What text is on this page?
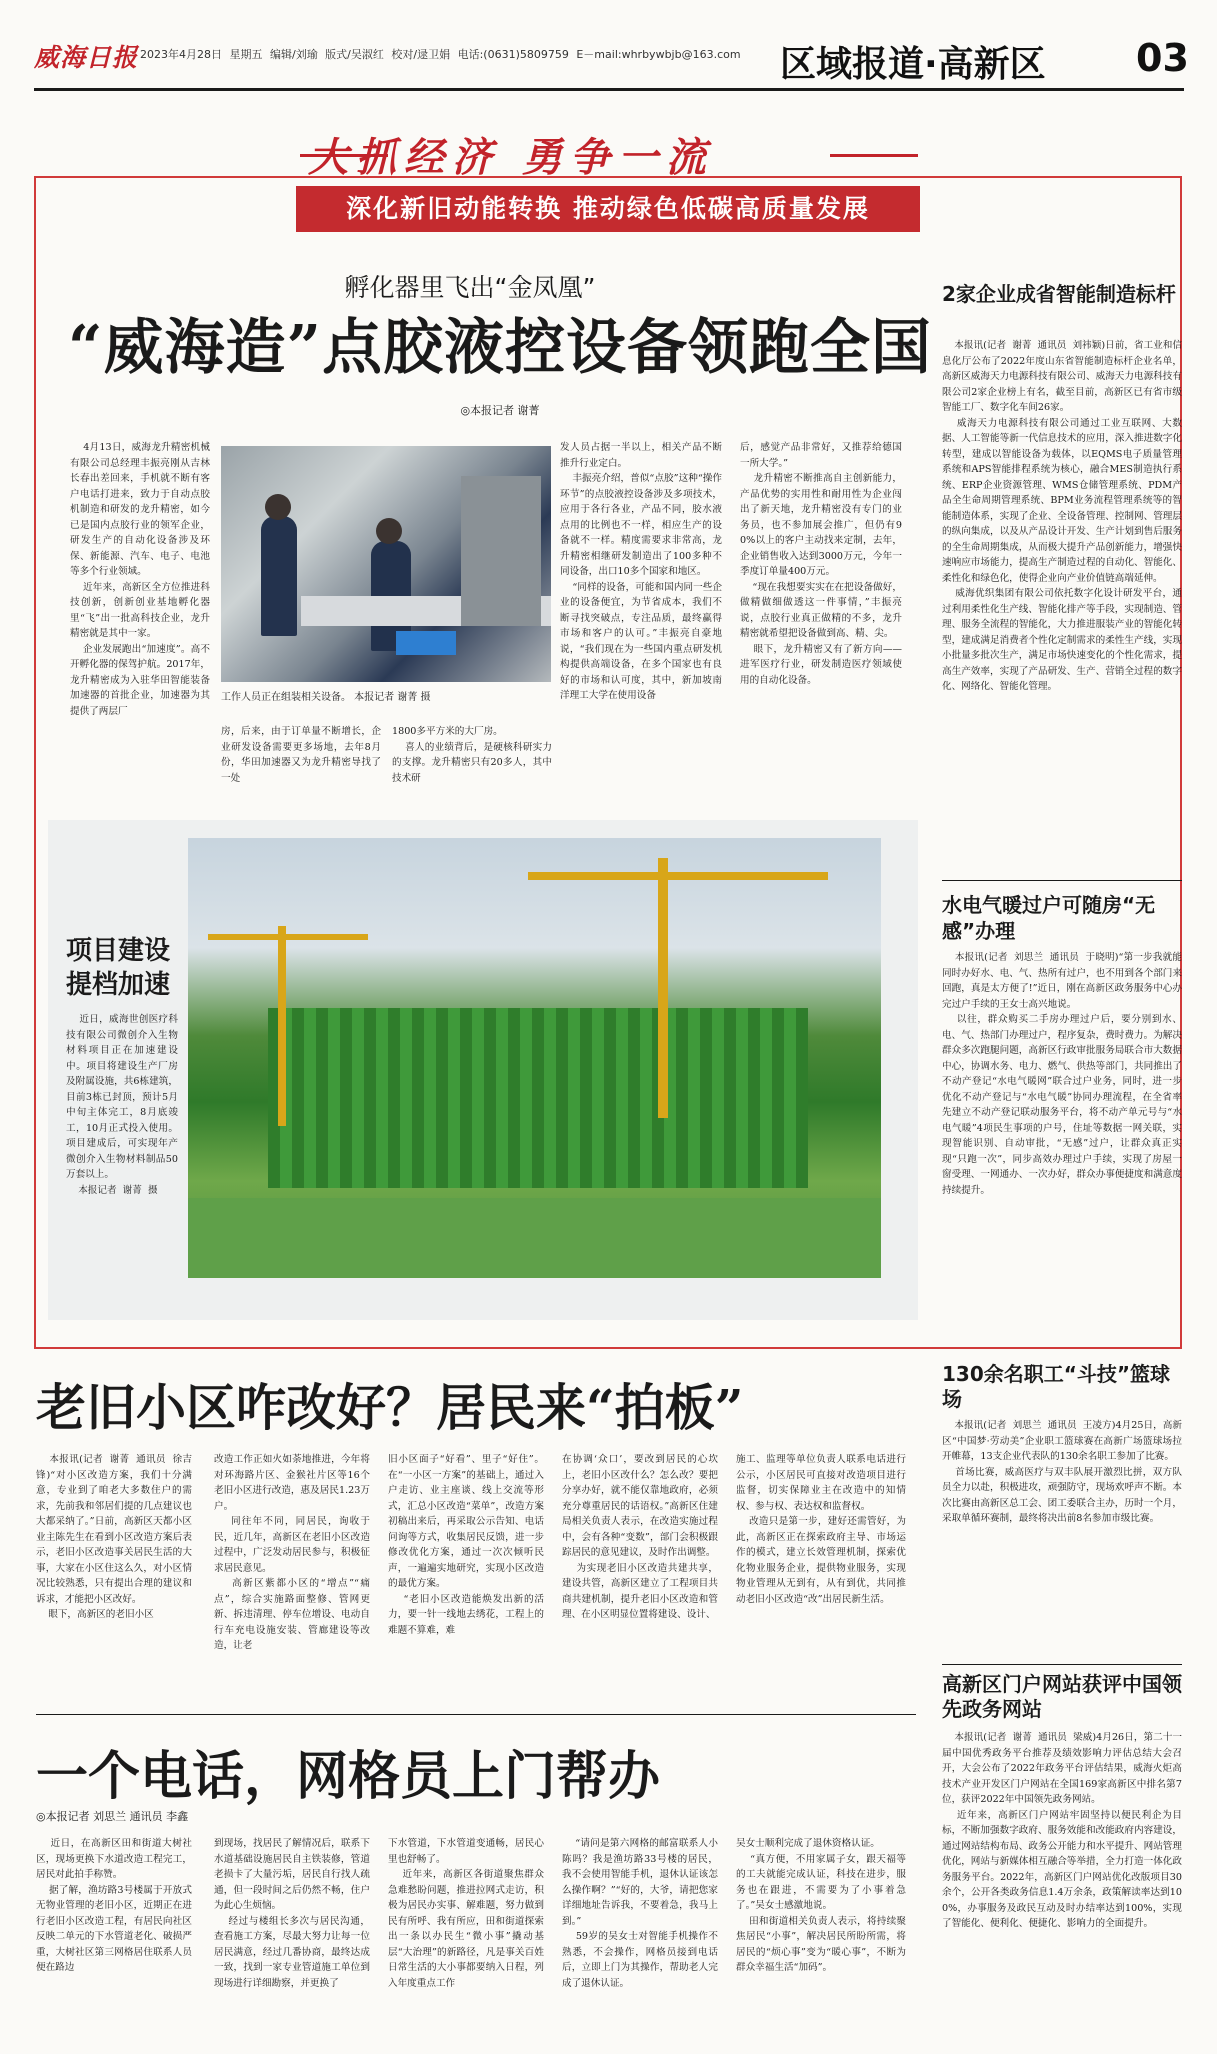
威海日报 2023年4月28日 星期五 编辑/刘瑜 版式/吴淑红 校对/逯卫娟 电话:(0631)5809759 E－mail:whrbywbjb@163.com 区域报道·高新区 03
大抓经济 勇争一流
深化新旧动能转换 推动绿色低碳高质量发展
孵化器里飞出“金凤凰”
“威海造”点胶液控设备领跑全国
◎本报记者 谢菁
4月13日，威海龙升精密机械有限公司总经理丰振亮刚从吉林长春出差回来，手机就不断有客户电话打进来，致力于自动点胶机制造和研发的龙升精密，如今已是国内点胶行业的领军企业，研发生产的自动化设备涉及环保、新能源、汽车、电子、电池等多个行业领域。
近年来，高新区全方位推进科技创新，创新创业基地孵化器里“飞”出一批高科技企业，龙升精密就是其中一家。
企业发展跑出“加速度”。高不开孵化器的保驾护航。2017年，龙升精密成为入驻华田智能装备加速器的首批企业，加速器为其提供了两层厂
工作人员正在组装相关设备。 本报记者 谢菁 摄
房，后来，由于订单量不断增长，企业研发设备需要更多场地，去年8月份，华田加速器又为龙升精密导找了一处
1800多平方米的大厂房。
喜人的业绩背后，是硬核科研实力的支撑。龙升精密只有20多人，其中技术研
发人员占据一半以上，相关产品不断推升行业定白。
丰振亮介绍，普似“点胶”这种“操作环节”的点胶液控设备涉及多项技术，应用于各行各业，产品不同，胶水液点用的比例也不一样，相应生产的设备就不一样。精度需要求非常高，龙升精密相继研发制造出了100多种不同设备，出口10多个国家和地区。
“同样的设备，可能和国内同一些企业的设备便宜，为节省成本，我们不断寻找突破点，专注品质，最终赢得市场和客户的认可。”丰振亮自豪地说，“我们现在为一些国内重点研发机构提供高端设备，在多个国家也有良好的市场和认可度，其中，新加坡南洋理工大学在使用设备
后，感觉产品非常好，又推荐给德国一所大学。”
龙升精密不断推高自主创新能力，产品优势的实用性和耐用性为企业闯出了新天地，龙升精密没有专门的业务员，也不参加展会推广，但仍有90%以上的客户主动找来定制，去年，企业销售收入达到3000万元，今年一季度订单量400万元。
“现在我想要实实在在把设备做好，做精做细做透这一件事情，”丰振亮说，点胶行业真正做精的不多，龙升精密就希望把设备做到高、精、尖。
眼下，龙升精密又有了新方向——进军医疗行业，研发制造医疗领域使用的自动化设备。
项目建设
提档加速
近日，威海世创医疗科技有限公司微创介入生物材料项目正在加速建设中。项目将建设生产厂房及附属设施，共6栋建筑，目前3栋已封顶，预计5月中旬主体完工，8月底竣工，10月正式投入使用。项目建成后，可实现年产微创介入生物材料制品50万套以上。
本报记者  谢菁  摄
2家企业成省智能制造标杆
本报讯(记者  谢菁  通讯员  刘祎颖)日前，省工业和信息化厅公布了2022年度山东省智能制造标杆企业名单，高新区威海天力电源科技有限公司、威海天力电源科技有限公司2家企业榜上有名，截至目前，高新区已有省市级智能工厂、数字化车间26家。
威海天力电源科技有限公司通过工业互联网、大数据、人工智能等新一代信息技术的应用，深入推进数字化转型，建成以智能设备为载体，以EQMS电子质量管理系统和APS智能排程系统为核心，融合MES制造执行系统、ERP企业资源管理、WMS仓储管理系统、PDM产品全生命周期管理系统、BPM业务流程管理系统等的智能制造体系，实现了企业、全设备管理、控制网、管理层的纵向集成，以及从产品设计开发、生产计划到售后服务的全生命周期集成，从而极大提升产品创新能力，增强快速响应市场能力，提高生产制造过程的自动化、智能化、柔性化和绿色化，使得企业向产业价值链高端延伸。
威海优织集团有限公司依托数字化设计研发平台，通过利用柔性化生产线、智能化排产等手段，实现制造、管理、服务全流程的智能化，大力推进服装产业的智能化转型，建成满足消费者个性化定制需求的柔性生产线，实现小批量多批次生产，满足市场快速变化的个性化需求，提高生产效率，实现了产品研发、生产、营销全过程的数字化、网络化、智能化管理。
水电气暖过户可随房“无感”办理
本报讯(记者  刘思兰  通讯员  于晓明)“第一步我就能同时办好水、电、气、热所有过户，也不用到各个部门来回跑，真是太方便了!”近日，刚在高新区政务服务中心办完过户手续的王女士高兴地说。
以往，群众购买二手房办理过户后，要分别到水、电、气、热部门办理过户，程序复杂，费时费力。为解决群众多次跑腿问题，高新区行政审批服务局联合市大数据中心，协调水务、电力、燃气、供热等部门，共同推出了不动产登记“水电气暖网”联合过户业务，同时，进一步优化不动产登记与“水电气暖”协同办理流程，在全省率先建立不动产登记联动服务平台，将不动产单元号与“水电气暖”4项民生事项的户号，住址等数据一网关联，实现智能识别、自动审批，“无感”过户，让群众真正实现“只跑一次”，同步高效办理过户手续，实现了房屋一窗受理、一网通办、一次办好，群众办事便捷度和满意度持续提升。
130余名职工“斗技”篮球场
本报讯(记者  刘思兰  通讯员  王凌方)4月25日，高新区“中国梦·劳动美”企业职工篮球赛在高新广场篮球场拉开帷幕，13支企业代表队的130余名职工参加了比赛。
首场比赛，威高医疗与双丰队展开激烈比拼，双方队员全力以赴，积极进攻，顽强防守，现场欢呼声不断。本次比赛由高新区总工会、团工委联合主办，历时一个月，采取单循环赛制，最终将决出前8名参加市级比赛。
高新区门户网站获评中国领先政务网站
本报讯(记者  谢菁  通讯员  梁威)4月26日，第二十一届中国优秀政务平台推荐及绩效影响力评估总结大会召开，大会公布了2022年政务平台评估结果，威海火炬高技术产业开发区门户网站在全国169家高新区中排名第7位，获评2022年中国领先政务网站。
近年来，高新区门户网站牢固坚持以便民利企为目标，不断加强数字政府、服务效能和改能政府内容建设，通过网站结构布局、政务公开能力和水平提升、网站管理优化，网站与新媒体相互融合等举措，全力打造一体化政务服务平台。2022年，高新区门户网站优化改版项目30余个，公开各类政务信息1.4万余条，政策解读率达到100%，办事服务及政民互动及时办结率达到100%，实现了智能化、便利化、便捷化、影响力的全面提升。
老旧小区咋改好？居民来“拍板”
本报讯(记者  谢菁  通讯员  徐吉锋)“对小区改造方案，我们十分满意，专业到了咱老大多数住户的需求，先前我和邻居们提的几点建议也大都采纳了。”日前，高新区天都小区业主陈先生在看到小区改造方案后表示，老旧小区改造事关居民生活的大事，大家在小区住这么久，对小区情况比较熟悉，只有提出合理的建议和诉求，才能把小区改好。
眼下，高新区的老旧小区
改造工作正如火如荼地推进，今年将对环海路片区、金猴社片区等16个老旧小区进行改造，惠及居民1.23万户。
同往年不同，同居民，询收于民，近几年，高新区在老旧小区改造过程中，广泛发动居民参与，积极征求居民意见。
高新区紫都小区的“增点”“痛点”，综合实施路面整修、管网更新、拆违清理、停车位增设、电动自行车充电设施安装、管廊建设等改造，让老
旧小区面子“好看”、里子“好住”。在“一小区一方案”的基础上，通过入户走访、业主座谈、线上交流等形式，汇总小区改造“菜单”，改造方案初稿出来后，再采取公示告知、电话问询等方式，收集居民反馈，进一步修改优化方案，通过一次次倾听民声，一遍遍实地研究，实现小区改造的最优方案。
“老旧小区改造能焕发出新的活力，要一针一线地去绣花，工程上的难题不算难，难
在协调‘众口’，要改到居民的心坎上，老旧小区改什么？怎么改？要把分享办好，就不能仅靠地政府，必须充分尊重居民的话语权。”高新区住建局相关负责人表示，在改造实施过程中，会有各种“变数”，部门会积极跟踪居民的意见建议，及时作出调整。
为实现老旧小区改造共建共享，建设共管，高新区建立了工程项目共商共建机制，提升老旧小区改造和管理、在小区明显位置将建设、设计、
施工、监理等单位负责人联系电话进行公示，小区居民可直接对改造项目进行监督，切实保障业主在改造中的知情权、参与权、表达权和监督权。
改造只是第一步，建好还需管好，为此，高新区正在探索政府主导、市场运作的模式，建立长效管理机制，探索优化物业服务企业，提供物业服务，实现物业管理从无到有，从有到优，共同推动老旧小区改造“改”出居民新生活。
一个电话，网格员上门帮办
◎本报记者 刘思兰 通讯员 李鑫
近日，在高新区田和街道大树社区，现场更换下水道改造工程完工，居民对此拍手称赞。
据了解，渔坊路3号楼属于开放式无物业管理的老旧小区，近期正在进行老旧小区改造工程，有居民向社区反映二单元的下水管道老化、破损严重，大树社区第三网格居住联系人员便在路边
到现场，找居民了解情况后，联系下水道基础设施居民自主铁装修，管道老损卡了大量污垢，居民自行找人疏通，但一段时间之后仍然不畅，住户为此心生烦恼。
经过与楼组长多次与居民沟通，查看施工方案，尽最大努力让每一位居民满意，经过几番协商，最终达成一致，找到一家专业管道施工单位到现场进行详细勘察，并更换了
下水管道，下水管道变通畅，居民心里也舒畅了。
近年来，高新区各街道聚焦群众急难愁盼问题，推进拉网式走访，积极为居民办实事、解难题，努力做到民有所呼、我有所应，田和街道探索出一条以办民生“微小事”撬动基层“大治理”的新路径，凡是事关百姓日常生活的大小事都要纳入日程，列入年度重点工作
“请问是第六网格的邮富联系人小陈吗？我是渔坊路33号楼的居民，我不会使用智能手机，退休认证该怎么操作啊？”“好的，大爷，请把您家详细地址告诉我，不要着急，我马上到。”
59岁的吴女士对智能手机操作不熟悉，不会操作，网格员接到电话后，立即上门为其操作，帮助老人完成了退休认证。
吴女士顺利完成了退休资格认证。
“真方便，不用家属子女，跟天福等的工夫就能完成认证，科技在进步，服务也在跟进，不需要为了小事着急了。”吴女士感激地说。
田和街道相关负责人表示，将持续聚焦居民“小事”，解决居民所盼所需，将居民的“烦心事”变为“暖心事”，不断为群众幸福生活“加码”。
